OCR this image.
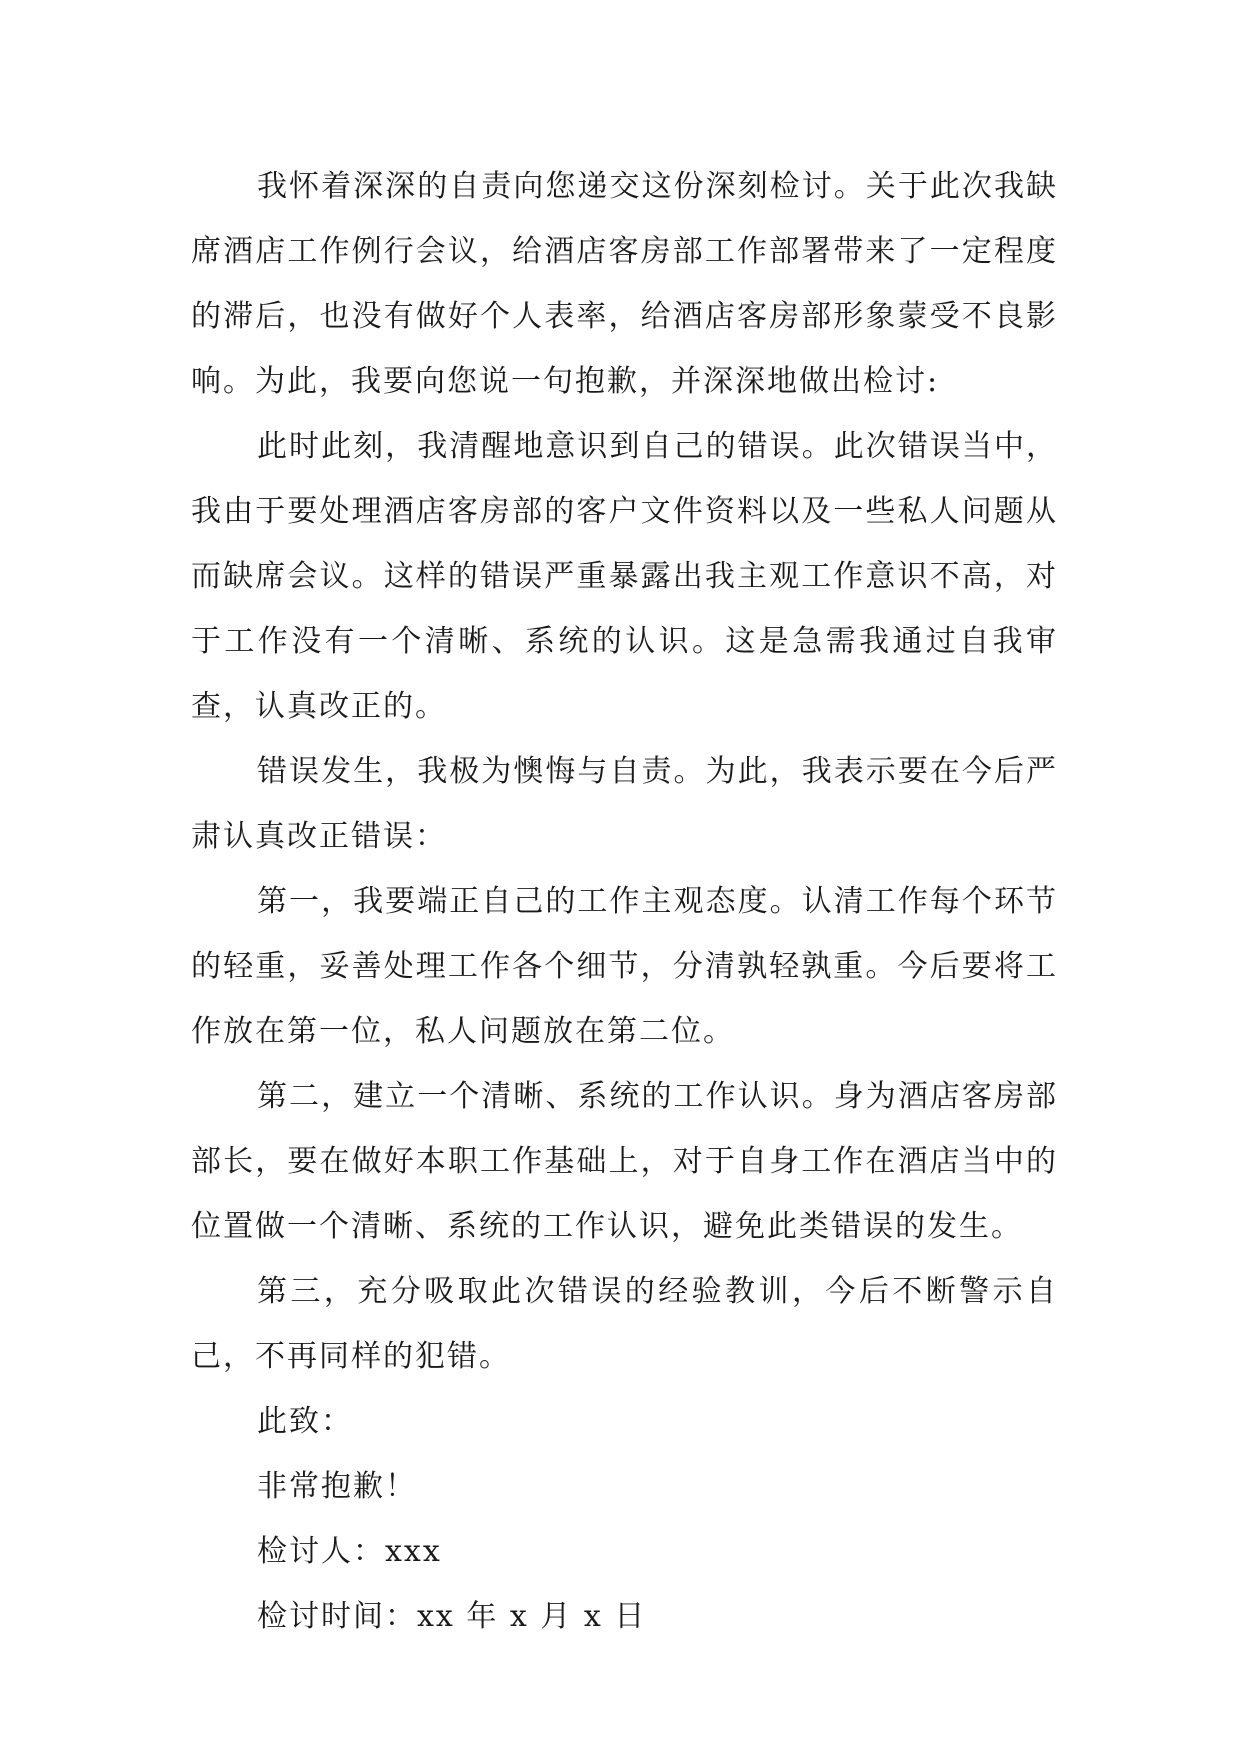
我怀着深深的自责向您递交这份深刻检讨。关于此次我缺席酒店工作例行会议，给酒店客房部工作部署带来了一定程度的滞后，也没有做好个人表率，给酒店客房部形象蒙受不良影响。为此，我要向您说一句抱歉，并深深地做出检讨:

此时此刻，我清醒地意识到自己的错误。此次错误当中，我由于要处理酒店客房部的客户文件资料以及一些私人问题从而缺席会议。这样的错误严重暴露出我主观工作意识不高，对于工作没有一个清晰、系统的认识。这是急需我通过自我审查，认真改正的。

错误发生，我极为懊悔与自责。为此，我表示要在今后严肃认真改正错误：

第一，我要端正自己的工作主观态度。认清工作每个环节的轻重，妥善处理工作各个细节，分清孰轻孰重。今后要将工作放在第一位，私人问题放在第二位。

第二，建立一个清晰、系统的工作认识。身为酒店客房部部长，要在做好本职工作基础上，对于自身工作在酒店当中的位置做一个清晰、系统的工作认识，避免此类错误的发生。

第三，充分吸取此次错误的经验教训，今后不断警示自己，不再同样的犯错。

此致：

非常抱歉！

检讨人：xxx

检讨时间：xx 年 x 月 x 日
